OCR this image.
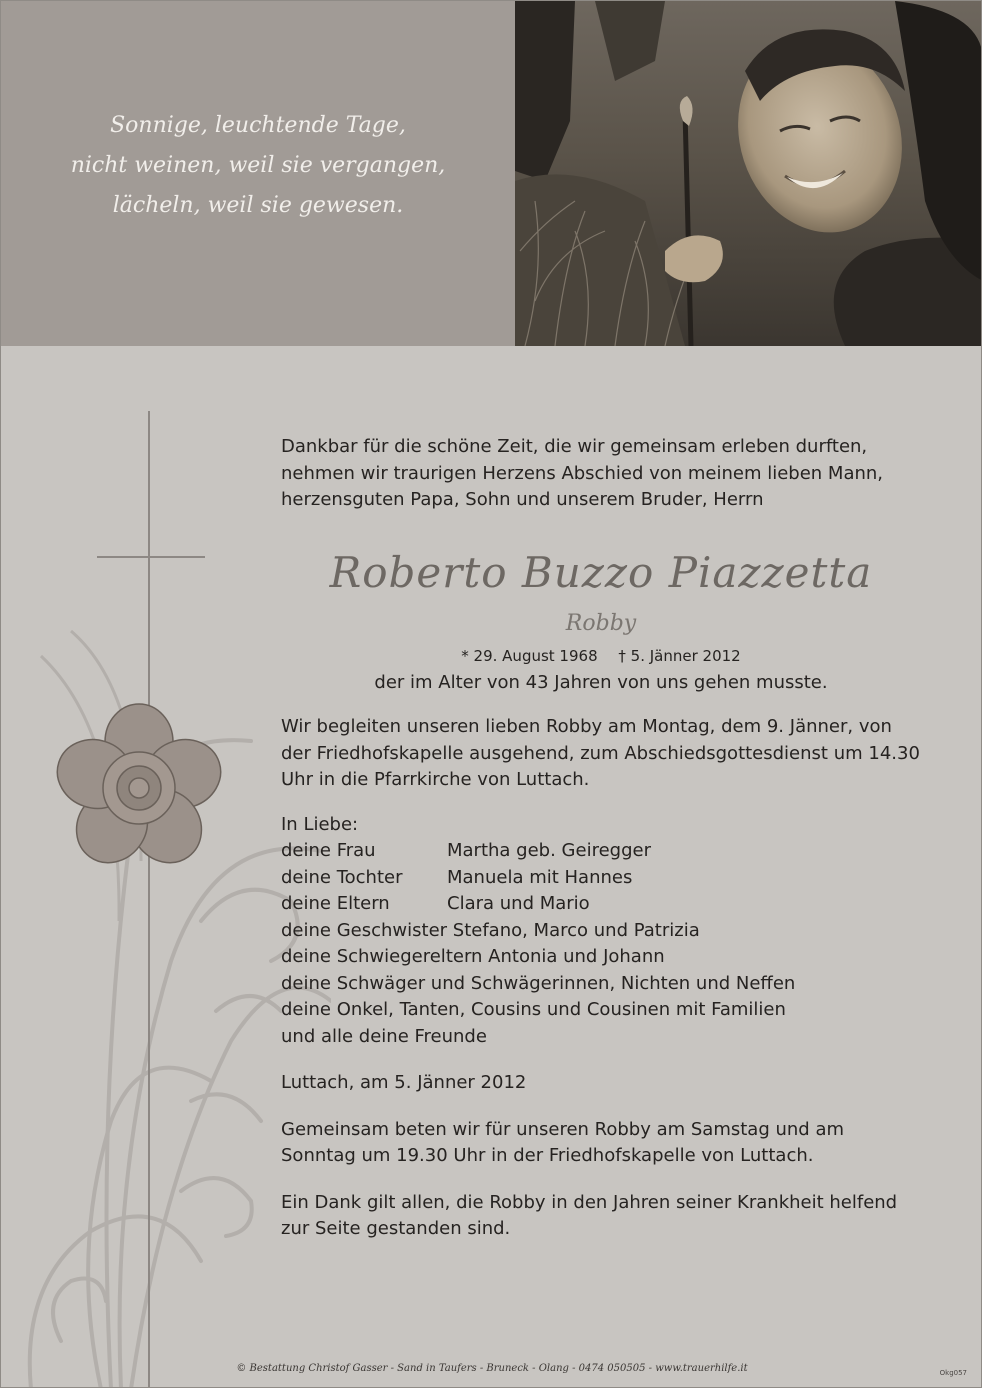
Sonnige, leuchtende Tage,
nicht weinen, weil sie vergangen,
lächeln, weil sie gewesen.

Dankbar für die schöne Zeit, die wir gemeinsam erleben durften, nehmen wir traurigen Herzens Abschied von meinem lieben Mann, herzensguten Papa, Sohn und unserem Bruder, Herrn

Roberto Buzzo Piazzetta
Robby
* 29. August 1968 † 5. Jänner 2012
der im Alter von 43 Jahren von uns gehen musste.

Wir begleiten unseren lieben Robby am Montag, dem 9. Jänner, von der Friedhofskapelle ausgehend, zum Abschiedsgottesdienst um 14.30 Uhr in die Pfarrkirche von Luttach.

In Liebe:
deine Frau	Martha geb. Geiregger
deine Tochter	Manuela mit Hannes
deine Eltern	Clara und Mario
deine Geschwister Stefano, Marco und Patrizia
deine Schwiegereltern Antonia und Johann
deine Schwäger und Schwägerinnen, Nichten und Neffen
deine Onkel, Tanten, Cousins und Cousinen mit Familien
und alle deine Freunde
Luttach, am 5. Jänner 2012

Gemeinsam beten wir für unseren Robby am Samstag und am Sonntag um 19.30 Uhr in der Friedhofskapelle von Luttach.

Ein Dank gilt allen, die Robby in den Jahren seiner Krankheit helfend zur Seite gestanden sind.

© Bestattung Christof Gasser - Sand in Taufers - Bruneck - Olang - 0474 050505 - www.trauerhilfe.it	Okg057
